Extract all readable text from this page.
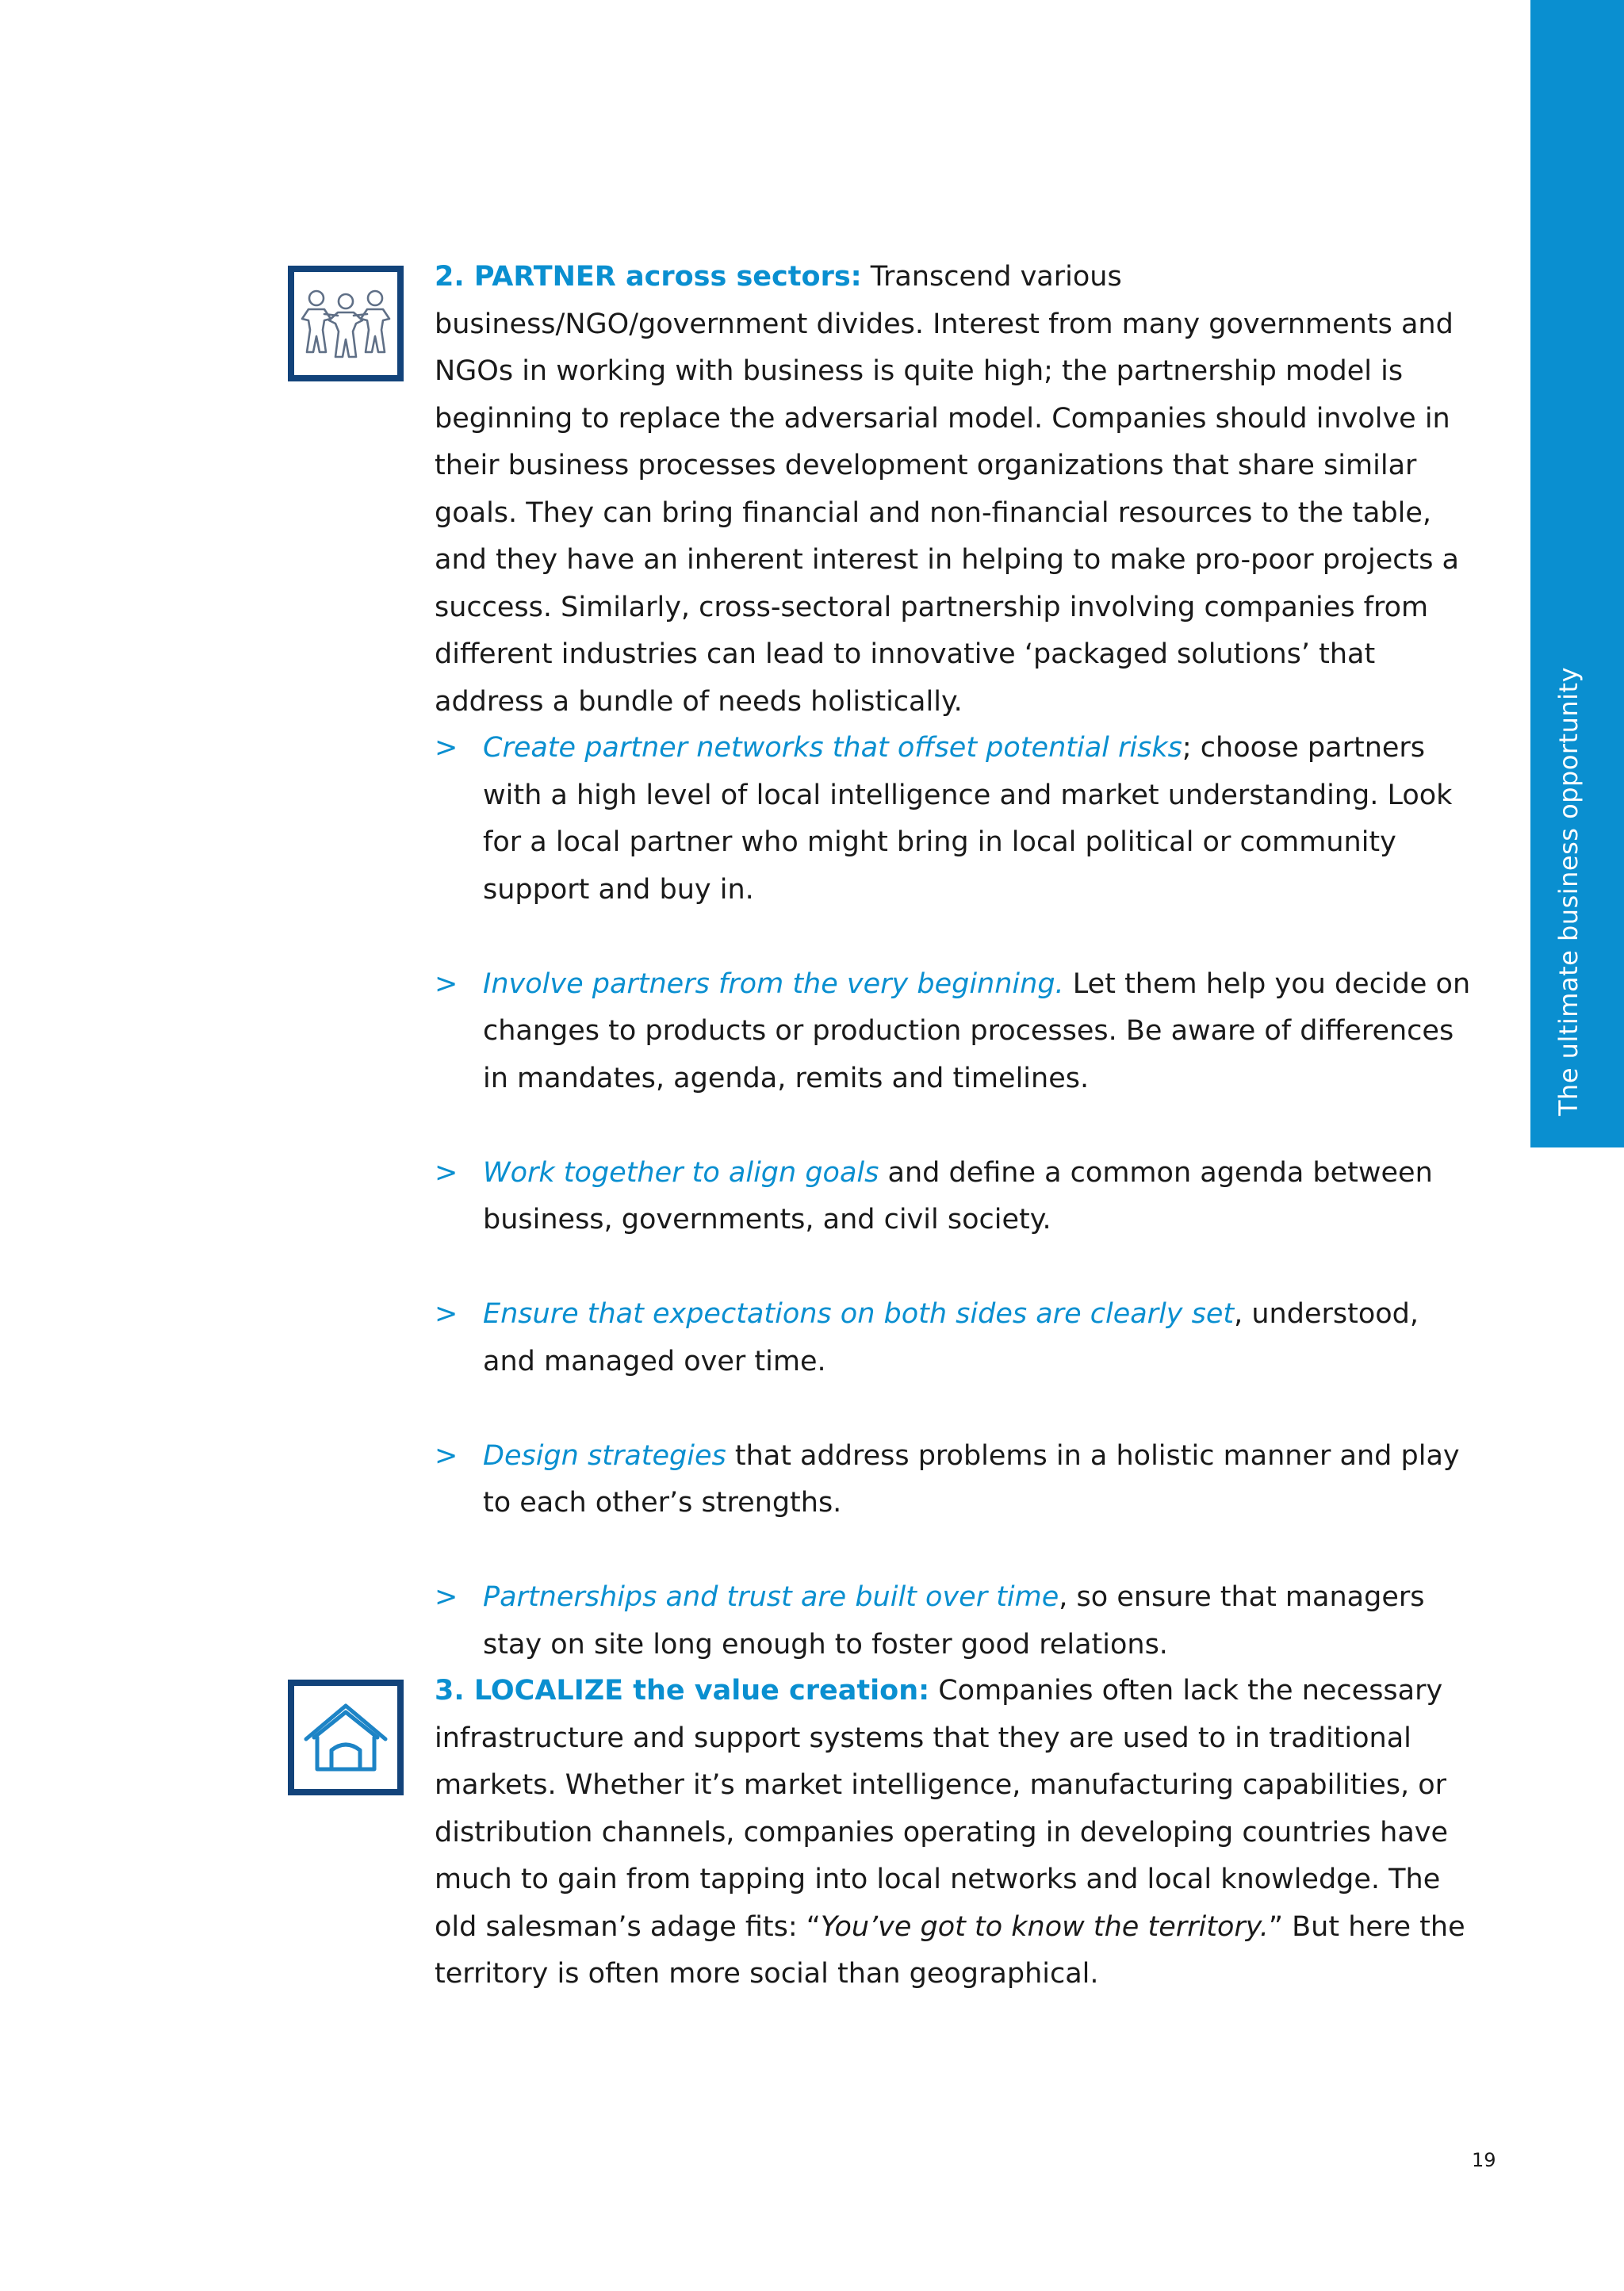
The ultimate business opportunity
2. PARTNER across sectors: Transcend various business/NGO/government divides. Interest from many governments and NGOs in working with business is quite high; the partnership model is beginning to replace the adversarial model. Companies should involve in their business processes development organizations that share similar goals. They can bring financial and non-financial resources to the table, and they have an inherent interest in helping to make pro-poor projects a success. Similarly, cross-sectoral partnership involving companies from different industries can lead to innovative ‘packaged solutions’ that address a bundle of needs holistically.
> Create partner networks that offset potential risks; choose partners with a high level of local intelligence and market understanding. Look for a local partner who might bring in local political or community support and buy in.
> Involve partners from the very beginning. Let them help you decide on changes to products or production processes. Be aware of differences in mandates, agenda, remits and timelines.
> Work together to align goals and define a common agenda between business, governments, and civil society.
> Ensure that expectations on both sides are clearly set, understood, and managed over time.
> Design strategies that address problems in a holistic manner and play to each other’s strengths.
> Partnerships and trust are built over time, so ensure that managers stay on site long enough to foster good relations.
3. LOCALIZE the value creation: Companies often lack the necessary infrastructure and support systems that they are used to in traditional markets. Whether it’s market intelligence, manufacturing capabilities, or distribution channels, companies operating in developing countries have much to gain from tapping into local networks and local knowledge. The old salesman’s adage fits: “You’ve got to know the territory.” But here the territory is often more social than geographical.
19
